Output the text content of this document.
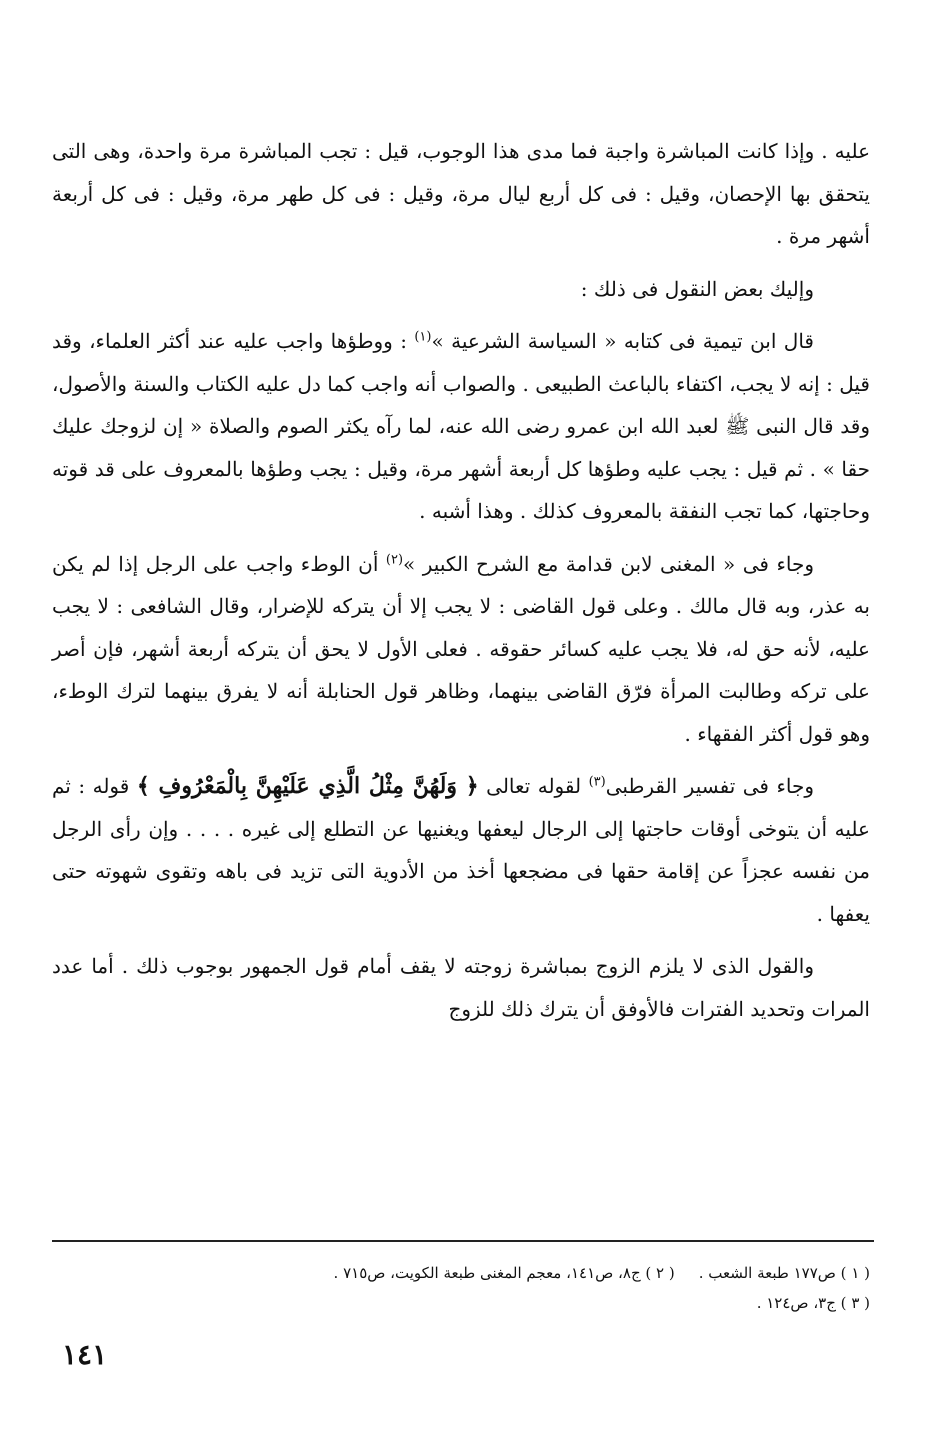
عليه . وإذا كانت المباشرة واجبة فما مدى هذا الوجوب، قيل : تجب المباشرة مرة واحدة، وهى التى يتحقق بها الإحصان، وقيل : فى كل أربع ليال مرة، وقيل : فى كل طهر مرة، وقيل : فى كل أربعة أشهر مرة .

وإليك بعض النقول فى ذلك :

قال ابن تيمية فى كتابه « السياسة الشرعية »$^{(١)}$ : ووطؤها واجب عليه عند أكثر العلماء، وقد قيل : إنه لا يجب، اكتفاء بالباعث الطبيعى . والصواب أنه واجب كما دل عليه الكتاب والسنة والأصول، وقد قال النبى ﷺ لعبد الله ابن عمرو رضى الله عنه، لما رآه يكثر الصوم والصلاة « إن لزوجك عليك حقا » . ثم قيل : يجب عليه وطؤها كل أربعة أشهر مرة، وقيل : يجب وطؤها بالمعروف على قد قوته وحاجتها، كما تجب النفقة بالمعروف كذلك . وهذا أشبه .

وجاء فى « المغنى لابن قدامة مع الشرح الكبير »$^{(٢)}$ أن الوطء واجب على الرجل إذا لم يكن به عذر، وبه قال مالك . وعلى قول القاضى : لا يجب إلا أن يتركه للإضرار، وقال الشافعى : لا يجب عليه، لأنه حق له، فلا يجب عليه كسائر حقوقه . فعلى الأول لا يحق أن يتركه أربعة أشهر، فإن أصر على تركه وطالبت المرأة فرّق القاضى بينهما، وظاهر قول الحنابلة أنه لا يفرق بينهما لترك الوطء، وهو قول أكثر الفقهاء .

وجاء فى تفسير القرطبى$^{(٣)}$ لقوله تعالى ﴿ وَلَهُنَّ مِثْلُ الَّذِي عَلَيْهِنَّ بِالْمَعْرُوفِ ﴾ قوله : ثم عليه أن يتوخى أوقات حاجتها إلى الرجال ليعفها ويغنيها عن التطلع إلى غيره . . . . وإن رأى الرجل من نفسه عجزاً عن إقامة حقها فى مضجعها أخذ من الأدوية التى تزيد فى باهه وتقوى شهوته حتى يعفها .

والقول الذى لا يلزم الزوج بمباشرة زوجته لا يقف أمام قول الجمهور بوجوب ذلك . أما عدد المرات وتحديد الفترات فالأوفق أن يترك ذلك للزوج

( ١ ) ص١٧٧ طبعة الشعب .
( ٢ ) ج٨، ص١٤١، معجم المغنى طبعة الكويت، ص٧١٥ .
( ٣ ) ج٣، ص١٢٤ .
١٤١
